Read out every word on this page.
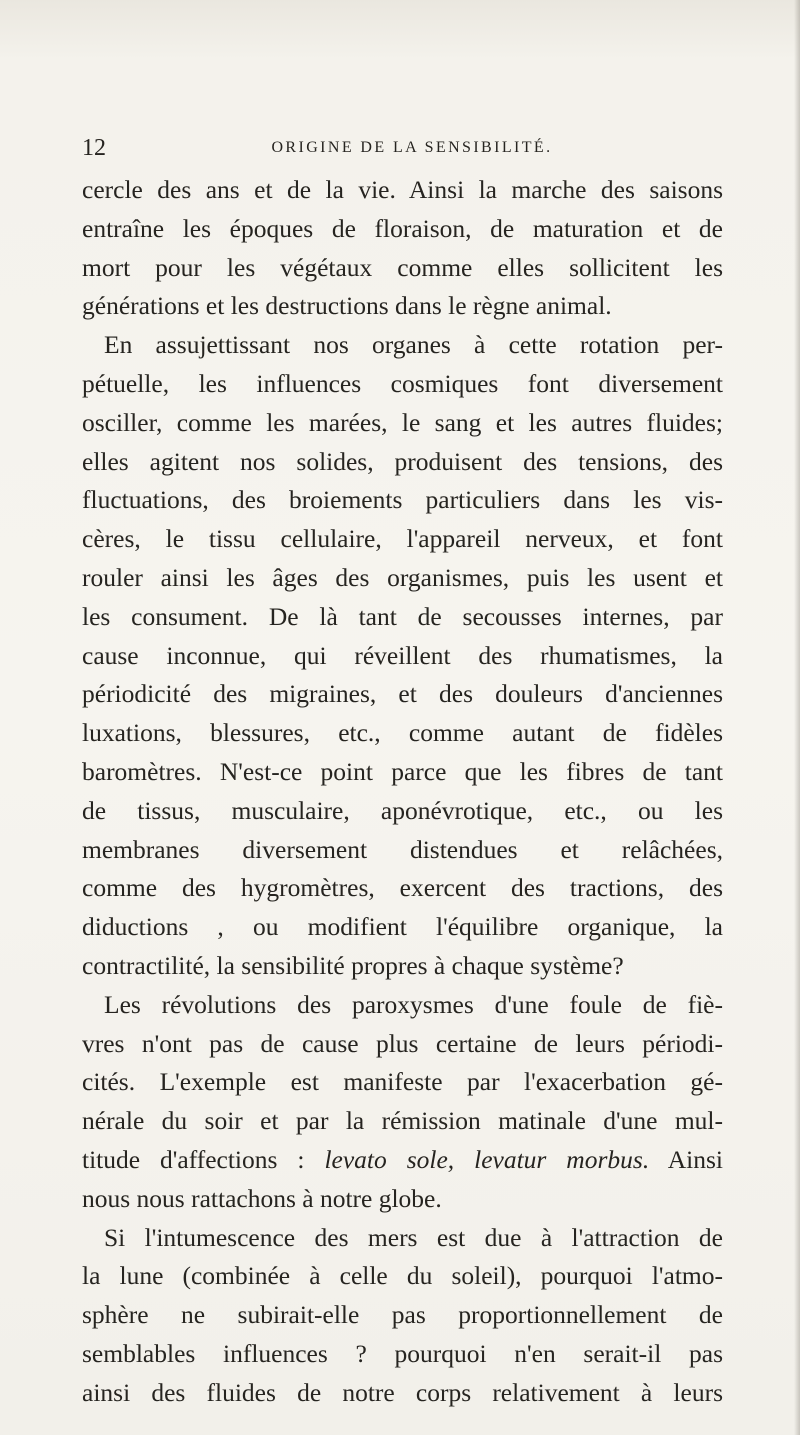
12	ORIGINE DE LA SENSIBILITÉ.
cercle des ans et de la vie. Ainsi la marche des saisons
entraîne les époques de floraison, de maturation et de
mort pour les végétaux comme elles sollicitent les
générations et les destructions dans le règne animal.
En assujettissant nos organes à cette rotation per-
pétuelle, les influences cosmiques font diversement
osciller, comme les marées, le sang et les autres fluides;
elles agitent nos solides, produisent des tensions, des
fluctuations, des broiements particuliers dans les vis-
cères, le tissu cellulaire, l'appareil nerveux, et font
rouler ainsi les âges des organismes, puis les usent et
les consument. De là tant de secousses internes, par
cause inconnue, qui réveillent des rhumatismes, la
périodicité des migraines, et des douleurs d'anciennes
luxations, blessures, etc., comme autant de fidèles
baromètres. N'est-ce point parce que les fibres de tant
de tissus, musculaire, aponévrotique, etc., ou les
membranes diversement distendues et relâchées,
comme des hygromètres, exercent des tractions, des
diductions , ou modifient l'équilibre organique, la
contractilité, la sensibilité propres à chaque système?
Les révolutions des paroxysmes d'une foule de fiè-
vres n'ont pas de cause plus certaine de leurs périodi-
cités. L'exemple est manifeste par l'exacerbation gé-
nérale du soir et par la rémission matinale d'une mul-
titude d'affections : levato sole, levatur morbus. Ainsi
nous nous rattachons à notre globe.
Si l'intumescence des mers est due à l'attraction de
la lune (combinée à celle du soleil), pourquoi l'atmo-
sphère ne subirait-elle pas proportionnellement de
semblables influences ? pourquoi n'en serait-il pas
ainsi des fluides de notre corps relativement à leurs
